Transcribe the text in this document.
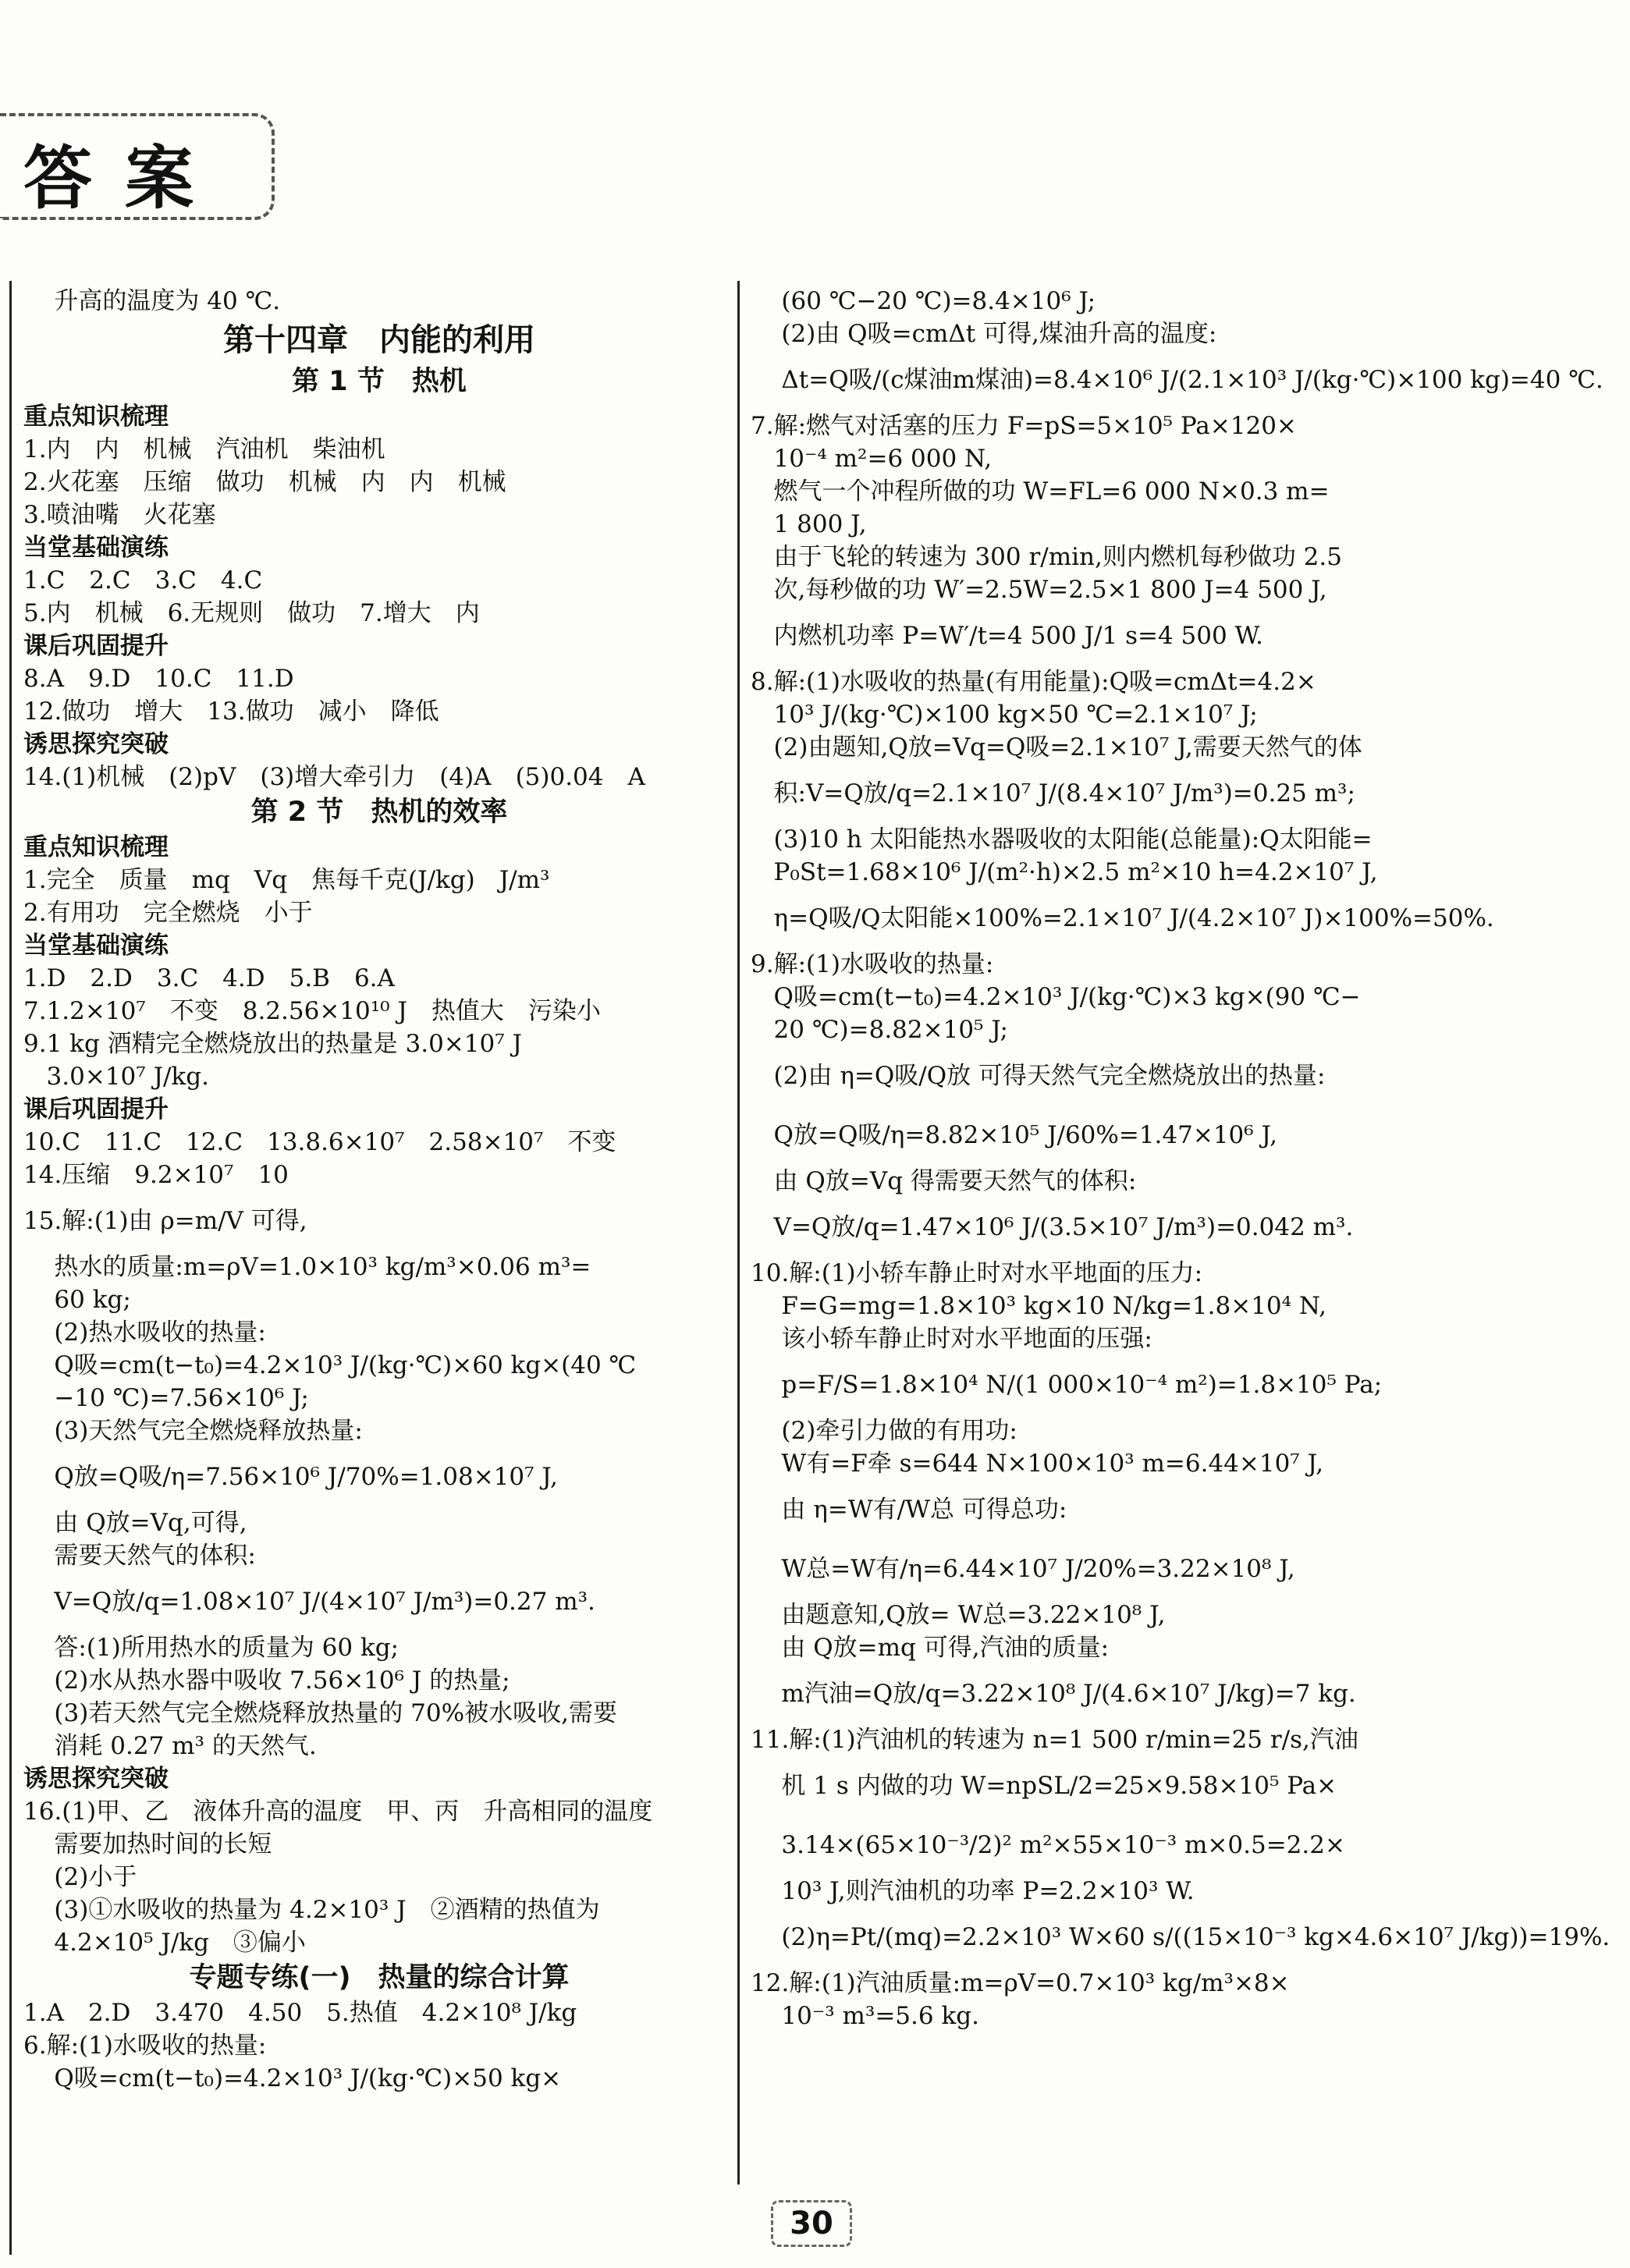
答案
升高的温度为 40 ℃.
第十四章　内能的利用
第 1 节　热机
重点知识梳理
1.内　内　机械　汽油机　柴油机
2.火花塞　压缩　做功　机械　内　内　机械
3.喷油嘴　火花塞
当堂基础演练
1.C　2.C　3.C　4.C
5.内　机械　6.无规则　做功　7.增大　内
课后巩固提升
8.A　9.D　10.C　11.D
12.做功　增大　13.做功　减小　降低
诱思探究突破
14.(1)机械　(2)pV　(3)增大牵引力　(4)A　(5)0.04　A
第 2 节　热机的效率
重点知识梳理
1.完全　质量　mq　Vq　焦每千克(J/kg)　J/m³
2.有用功　完全燃烧　小于
当堂基础演练
1.D　2.D　3.C　4.D　5.B　6.A
7.1.2×10⁷　不变　8.2.56×10¹⁰ J　热值大　污染小
9.1 kg 酒精完全燃烧放出的热量是 3.0×10⁷ J
3.0×10⁷ J/kg.
课后巩固提升
10.C　11.C　12.C　13.8.6×10⁷　2.58×10⁷　不变
14.压缩　9.2×10⁷　10
15.解:(1)由 ρ=m/V 可得,
热水的质量:m=ρV=1.0×10³ kg/m³×0.06 m³=
60 kg;
(2)热水吸收的热量:
Q吸=cm(t−t₀)=4.2×10³ J/(kg·℃)×60 kg×(40 ℃
−10 ℃)=7.56×10⁶ J;
(3)天然气完全燃烧释放热量:
Q放=Q吸/η=7.56×10⁶ J/70%=1.08×10⁷ J,
由 Q放=Vq,可得,
需要天然气的体积:
V=Q放/q=1.08×10⁷ J/(4×10⁷ J/m³)=0.27 m³.
答:(1)所用热水的质量为 60 kg;
(2)水从热水器中吸收 7.56×10⁶ J 的热量;
(3)若天然气完全燃烧释放热量的 70%被水吸收,需要
消耗 0.27 m³ 的天然气.
诱思探究突破
16.(1)甲、乙　液体升高的温度　甲、丙　升高相同的温度
需要加热时间的长短
(2)小于
(3)①水吸收的热量为 4.2×10³ J　②酒精的热值为
4.2×10⁵ J/kg　③偏小
专题专练(一)　热量的综合计算
1.A　2.D　3.470　4.50　5.热值　4.2×10⁸ J/kg
6.解:(1)水吸收的热量:
Q吸=cm(t−t₀)=4.2×10³ J/(kg·℃)×50 kg×
(60 ℃−20 ℃)=8.4×10⁶ J;
(2)由 Q吸=cmΔt 可得,煤油升高的温度:
Δt=Q吸/(c煤油m煤油)=8.4×10⁶ J/(2.1×10³ J/(kg·℃)×100 kg)=40 ℃.
7.解:燃气对活塞的压力 F=pS=5×10⁵ Pa×120×
10⁻⁴ m²=6 000 N,
燃气一个冲程所做的功 W=FL=6 000 N×0.3 m=
1 800 J,
由于飞轮的转速为 300 r/min,则内燃机每秒做功 2.5
次,每秒做的功 W′=2.5W=2.5×1 800 J=4 500 J,
内燃机功率 P=W′/t=4 500 J/1 s=4 500 W.
8.解:(1)水吸收的热量(有用能量):Q吸=cmΔt=4.2×
10³ J/(kg·℃)×100 kg×50 ℃=2.1×10⁷ J;
(2)由题知,Q放=Vq=Q吸=2.1×10⁷ J,需要天然气的体
积:V=Q放/q=2.1×10⁷ J/(8.4×10⁷ J/m³)=0.25 m³;
(3)10 h 太阳能热水器吸收的太阳能(总能量):Q太阳能=
P₀St=1.68×10⁶ J/(m²·h)×2.5 m²×10 h=4.2×10⁷ J,
η=Q吸/Q太阳能×100%=2.1×10⁷ J/(4.2×10⁷ J)×100%=50%.
9.解:(1)水吸收的热量:
Q吸=cm(t−t₀)=4.2×10³ J/(kg·℃)×3 kg×(90 ℃−
20 ℃)=8.82×10⁵ J;
(2)由 η=Q吸/Q放 可得天然气完全燃烧放出的热量:
Q放=Q吸/η=8.82×10⁵ J/60%=1.47×10⁶ J,
由 Q放=Vq 得需要天然气的体积:
V=Q放/q=1.47×10⁶ J/(3.5×10⁷ J/m³)=0.042 m³.
10.解:(1)小轿车静止时对水平地面的压力:
F=G=mg=1.8×10³ kg×10 N/kg=1.8×10⁴ N,
该小轿车静止时对水平地面的压强:
p=F/S=1.8×10⁴ N/(1 000×10⁻⁴ m²)=1.8×10⁵ Pa;
(2)牵引力做的有用功:
W有=F牵 s=644 N×100×10³ m=6.44×10⁷ J,
由 η=W有/W总 可得总功:
W总=W有/η=6.44×10⁷ J/20%=3.22×10⁸ J,
由题意知,Q放= W总=3.22×10⁸ J,
由 Q放=mq 可得,汽油的质量:
m汽油=Q放/q=3.22×10⁸ J/(4.6×10⁷ J/kg)=7 kg.
11.解:(1)汽油机的转速为 n=1 500 r/min=25 r/s,汽油
机 1 s 内做的功 W=npSL/2=25×9.58×10⁵ Pa×
3.14×(65×10⁻³/2)² m²×55×10⁻³ m×0.5=2.2×
10³ J,则汽油机的功率 P=2.2×10³ W.
(2)η=Pt/(mq)=2.2×10³ W×60 s/((15×10⁻³ kg×4.6×10⁷ J/kg))=19%.
12.解:(1)汽油质量:m=ρV=0.7×10³ kg/m³×8×
10⁻³ m³=5.6 kg.
30
